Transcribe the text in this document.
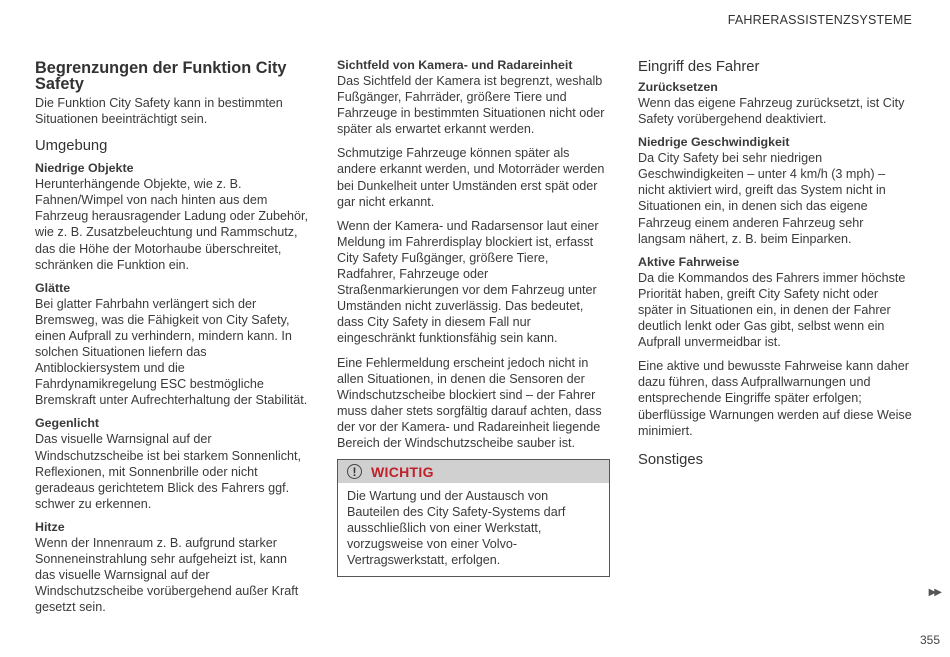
FAHRERASSISTENZSYSTEME
Begrenzungen der Funktion City Safety

Die Funktion City Safety kann in bestimmten Situationen beeinträchtigt sein.

Umgebung
Niedrige Objekte

Herunterhängende Objekte, wie z. B. Fahnen/Wimpel von nach hinten aus dem Fahrzeug herausragender Ladung oder Zubehör, wie z. B. Zusatzbeleuchtung und Rammschutz, das die Höhe der Motorhaube überschreitet, schränken die Funktion ein.

Glätte

Bei glatter Fahrbahn verlängert sich der Bremsweg, was die Fähigkeit von City Safety, einen Aufprall zu verhindern, mindern kann. In solchen Situationen liefern das Antiblockiersystem und die Fahrdynamikregelung ESC bestmögliche Bremskraft unter Aufrechterhaltung der Stabilität.

Gegenlicht

Das visuelle Warnsignal auf der Windschutzscheibe ist bei starkem Sonnenlicht, Reflexionen, mit Sonnenbrille oder nicht geradeaus gerichtetem Blick des Fahrers ggf. schwer zu erkennen.

Hitze

Wenn der Innenraum z. B. aufgrund starker Sonneneinstrahlung sehr aufgeheizt ist, kann das visuelle Warnsignal auf der Windschutzscheibe vorübergehend außer Kraft gesetzt sein.

Sichtfeld von Kamera- und Radareinheit

Das Sichtfeld der Kamera ist begrenzt, weshalb Fußgänger, Fahrräder, größere Tiere und Fahrzeuge in bestimmten Situationen nicht oder später als erwartet erkannt werden.

Schmutzige Fahrzeuge können später als andere erkannt werden, und Motorräder werden bei Dunkelheit unter Umständen erst spät oder gar nicht erkannt.

Wenn der Kamera- und Radarsensor laut einer Meldung im Fahrerdisplay blockiert ist, erfasst City Safety Fußgänger, größere Tiere, Radfahrer, Fahrzeuge oder Straßenmarkierungen vor dem Fahrzeug unter Umständen nicht zuverlässig. Das bedeutet, dass City Safety in diesem Fall nur eingeschränkt funktionsfähig sein kann.

Eine Fehlermeldung erscheint jedoch nicht in allen Situationen, in denen die Sensoren der Windschutzscheibe blockiert sind – der Fahrer muss daher stets sorgfältig darauf achten, dass der vor der Kamera- und Radareinheit liegende Bereich der Windschutzscheibe sauber ist.

!	WICHTIG
Die Wartung und der Austausch von Bauteilen des City Safety-Systems darf ausschließlich von einer Werkstatt, vorzugsweise von einer Volvo-Vertragswerkstatt, erfolgen.
Eingriff des Fahrer
Zurücksetzen

Wenn das eigene Fahrzeug zurücksetzt, ist City Safety vorübergehend deaktiviert.

Niedrige Geschwindigkeit

Da City Safety bei sehr niedrigen Geschwindigkeiten – unter 4 km/h (3 mph) – nicht aktiviert wird, greift das System nicht in Situationen ein, in denen sich das eigene Fahrzeug einem anderen Fahrzeug sehr langsam nähert, z. B. beim Einparken.

Aktive Fahrweise

Da die Kommandos des Fahrers immer höchste Priorität haben, greift City Safety nicht oder später in Situationen ein, in denen der Fahrer deutlich lenkt oder Gas gibt, selbst wenn ein Aufprall unvermeidbar ist.

Eine aktive und bewusste Fahrweise kann daher dazu führen, dass Aufprallwarnungen und entsprechende Eingriffe später erfolgen; überflüssige Warnungen werden auf diese Weise minimiert.

Sonstiges
▶▶
355
